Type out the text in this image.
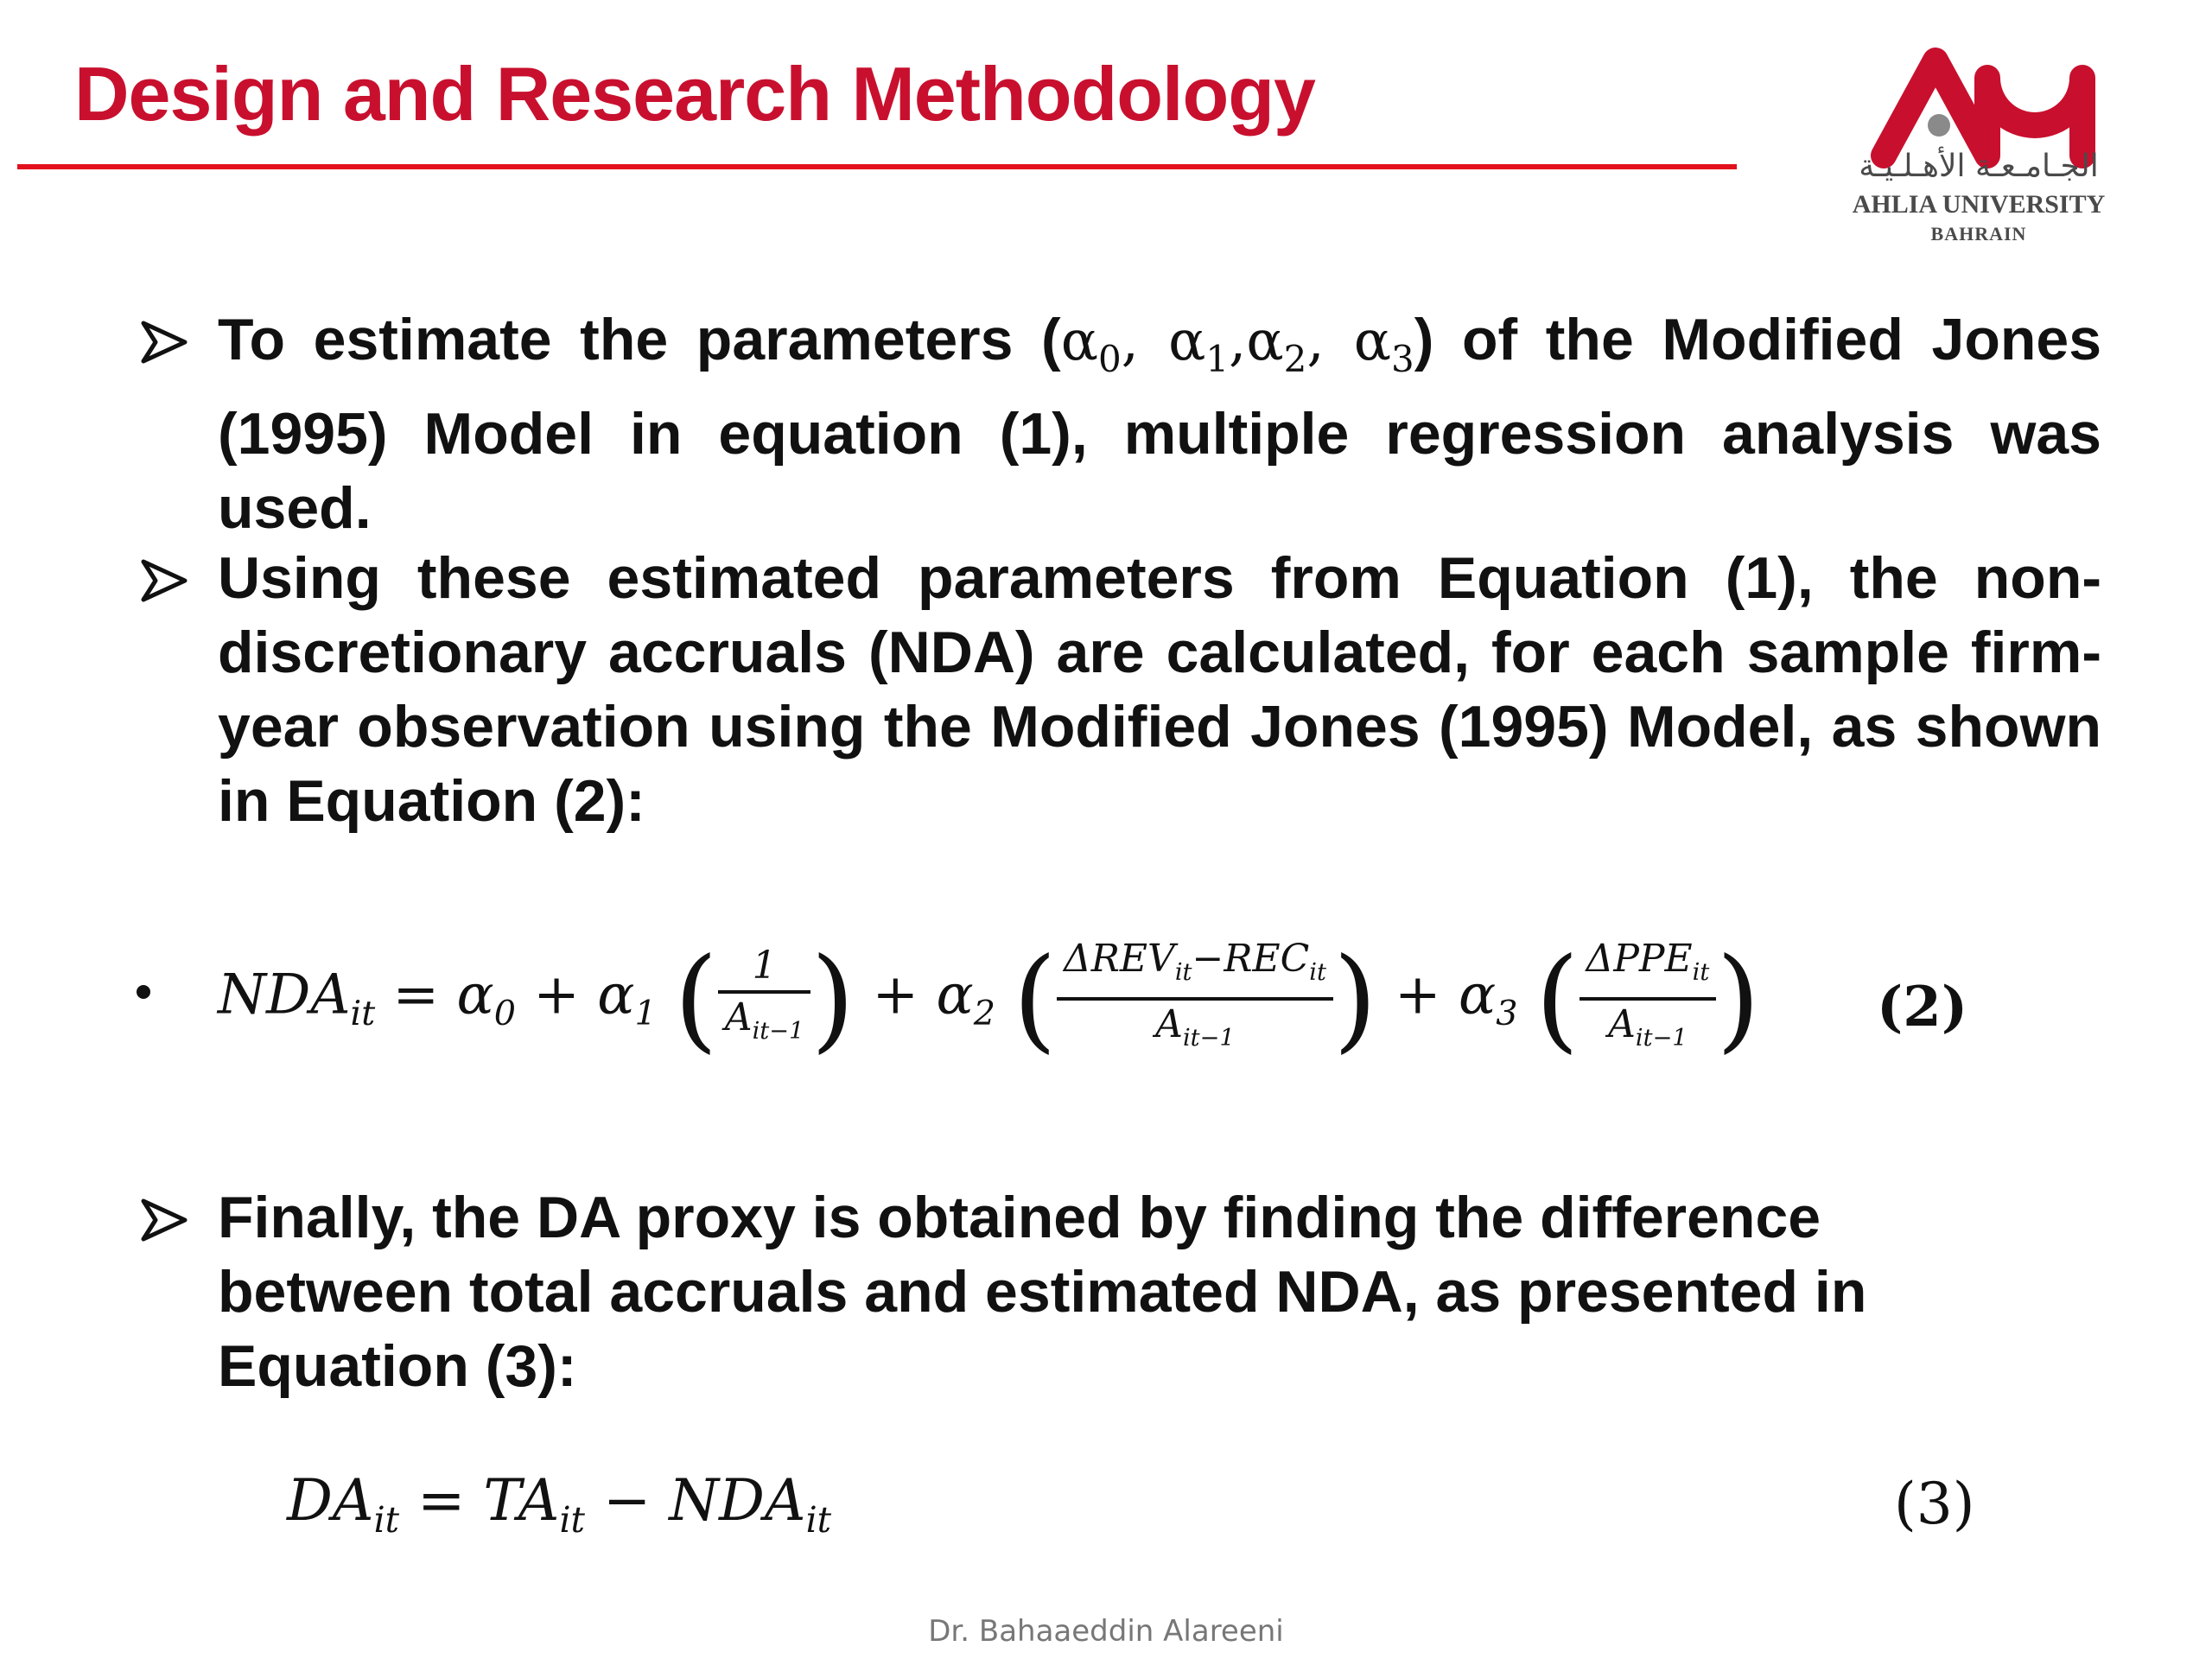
Design and Research Methodology
الجـامـعـة الأهـلـيـة
AHLIA UNIVERSITY
BAHRAIN

To estimate the parameters ($\alpha_0$, $\alpha_1,\alpha_2$, $\alpha_3$) of the Modified Jones (1995) Model in equation (1), multiple regression analysis was used.

Using these estimated parameters from Equation (1), the non-discretionary accruals (NDA) are calculated, for each sample firm-year observation using the Modified Jones (1995) Model, as shown in Equation (2):

$NDA_{it} = \alpha_0 + \alpha_1$ ( $\frac{1}{A_{it-1}}$ ) + $\alpha_2$ ( $\frac{\Delta REV_{it}-REC_{it}}{A_{it-1}}$ ) + $\alpha_3$ ( $\frac{\Delta PPE_{it}}{A_{it-1}}$ ) (2)

Finally, the DA proxy is obtained by finding the difference between total accruals and estimated NDA, as presented in Equation (3):

$DA_{it} = TA_{it} - NDA_{it}$	(3)
Dr. Bahaaeddin Alareeni
